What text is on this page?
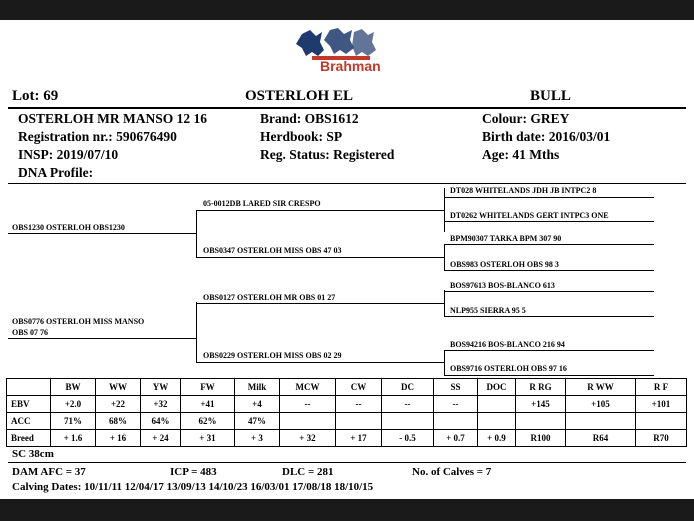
Brahman
Lot: 69	OSTERLOH EL	BULL
OSTERLOH MR MANSO 12 16
Registration nr.: 590676490
INSP: 2019/07/10
DNA Profile:
Brand: OBS1612
Herdbook: SP
Reg. Status: Registered
Colour: GREY
Birth date: 2016/03/01
Age: 41 Mths
OBS1230 OSTERLOH OBS1230
OBS0776 OSTERLOH MISS MANSO
OBS 07 76
05-0012DB LARED SIR CRESPO
OBS0347 OSTERLOH MISS OBS 47 03
OBS0127 OSTERLOH MR OBS 01 27
OBS0229 OSTERLOH MISS OBS 02 29
DT028 WHITELANDS JDH JB INTPC2 8
DT0262 WHITELANDS GERT INTPC3 ONE
BPM90307 TARKA BPM 307 90
OBS983 OSTERLOH OBS 98 3
BOS97613 BOS-BLANCO 613
NLP955 SIERRA 95 5
BOS94216 BOS-BLANCO 216 94
OBS9716 OSTERLOH OBS 97 16
	BW	WW	YW	FW	Milk	MCW	CW	DC	SS	DOC	R RG	R WW	R F
EBV	+2.0	+22	+32	+41	+4	--	--	--	--		+145	+105	+101
ACC	71%	68%	64%	62%	47%								
Breed	+ 1.6	+ 16	+ 24	+ 31	+ 3	+ 32	+ 17	- 0.5	+ 0.7	+ 0.9	R100	R64	R70
SC 38cm
DAM AFC = 37	ICP = 483	DLC = 281	No. of Calves = 7
Calving Dates: 10/11/11 12/04/17 13/09/13 14/10/23 16/03/01 17/08/18 18/10/15
